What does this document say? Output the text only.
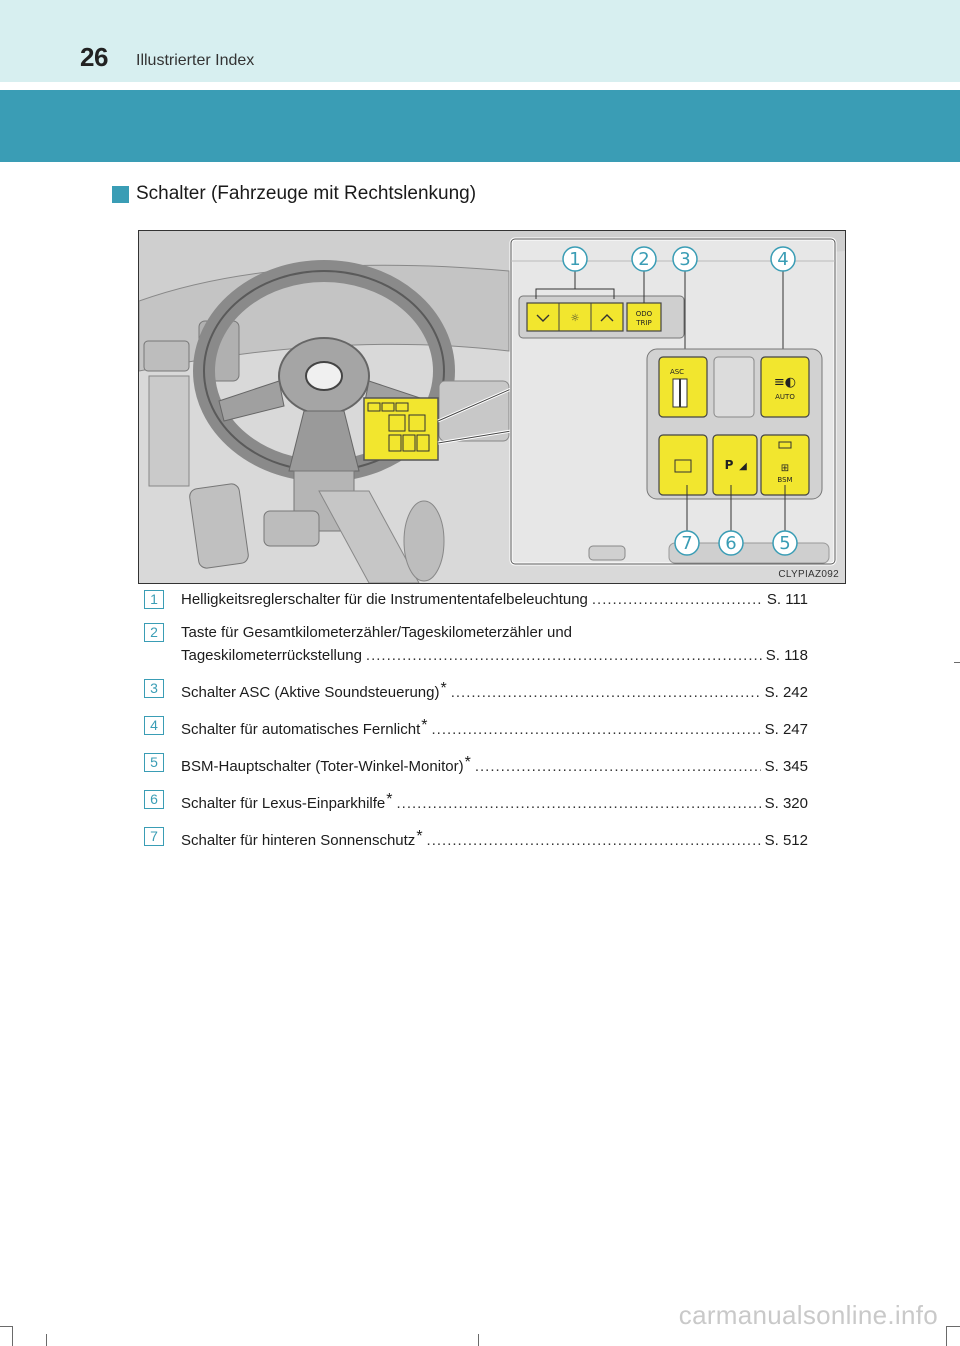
26 Illustrierter Index
Schalter (Fahrzeuge mit Rechtslenkung)
☼	ODO
TRIP
ASC
≡◐
AUTO
P ◢	⊞
BSM
1	2 3	4
7 6 5
CLYPIAZ092
1	Helligkeitsreglerschalter für die Instrumententafelbeleuchtung .....	S. 111
2	Taste für Gesamtkilometerzähler/Tageskilometerzähler und
Tageskilometerrückstellung .....	S. 118
3	Schalter ASC (Aktive Soundsteuerung)* .....	S. 242
4	Schalter für automatisches Fernlicht* .....	S. 247
5	BSM-Hauptschalter (Toter-Winkel-Monitor)* .....	S. 345
6	Schalter für Lexus-Einparkhilfe* .....	S. 320
7	Schalter für hinteren Sonnenschutz* .....	S. 512
carmanualsonline.info
